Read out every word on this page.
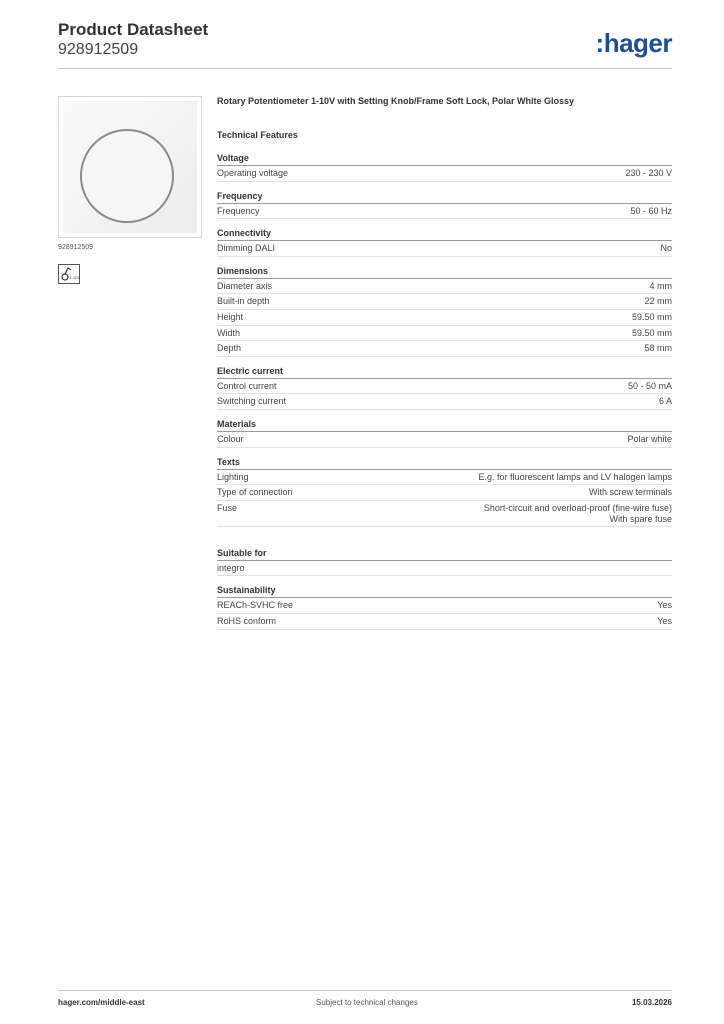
Product Datasheet
928912509	:hager
928912509
1-10V
Rotary Potentiometer 1-10V with Setting Knob/Frame Soft Lock, Polar White Glossy
Technical Features
Voltage
Operating voltage	230 - 230 V
Frequency
Frequency	50 - 60 Hz
Connectivity
Dimming DALI	No
Dimensions
Diameter axis	4 mm
Built-in depth	22 mm
Height	59.50 mm
Width	59.50 mm
Depth	58 mm
Electric current
Control current	50 - 50 mA
Switching current	6 A
Materials
Colour	Polar white
Texts
Lighting	E.g. for fluorescent lamps and LV halogen lamps
Type of connection	With screw terminals
Fuse	Short-circuit and overload-proof (fine-wire fuse)
With spare fuse
Suitable for
integro
Sustainability
REACh-SVHC free	Yes
RoHS conform	Yes
hager.com/middle-east	Subject to technical changes	15.03.2026
